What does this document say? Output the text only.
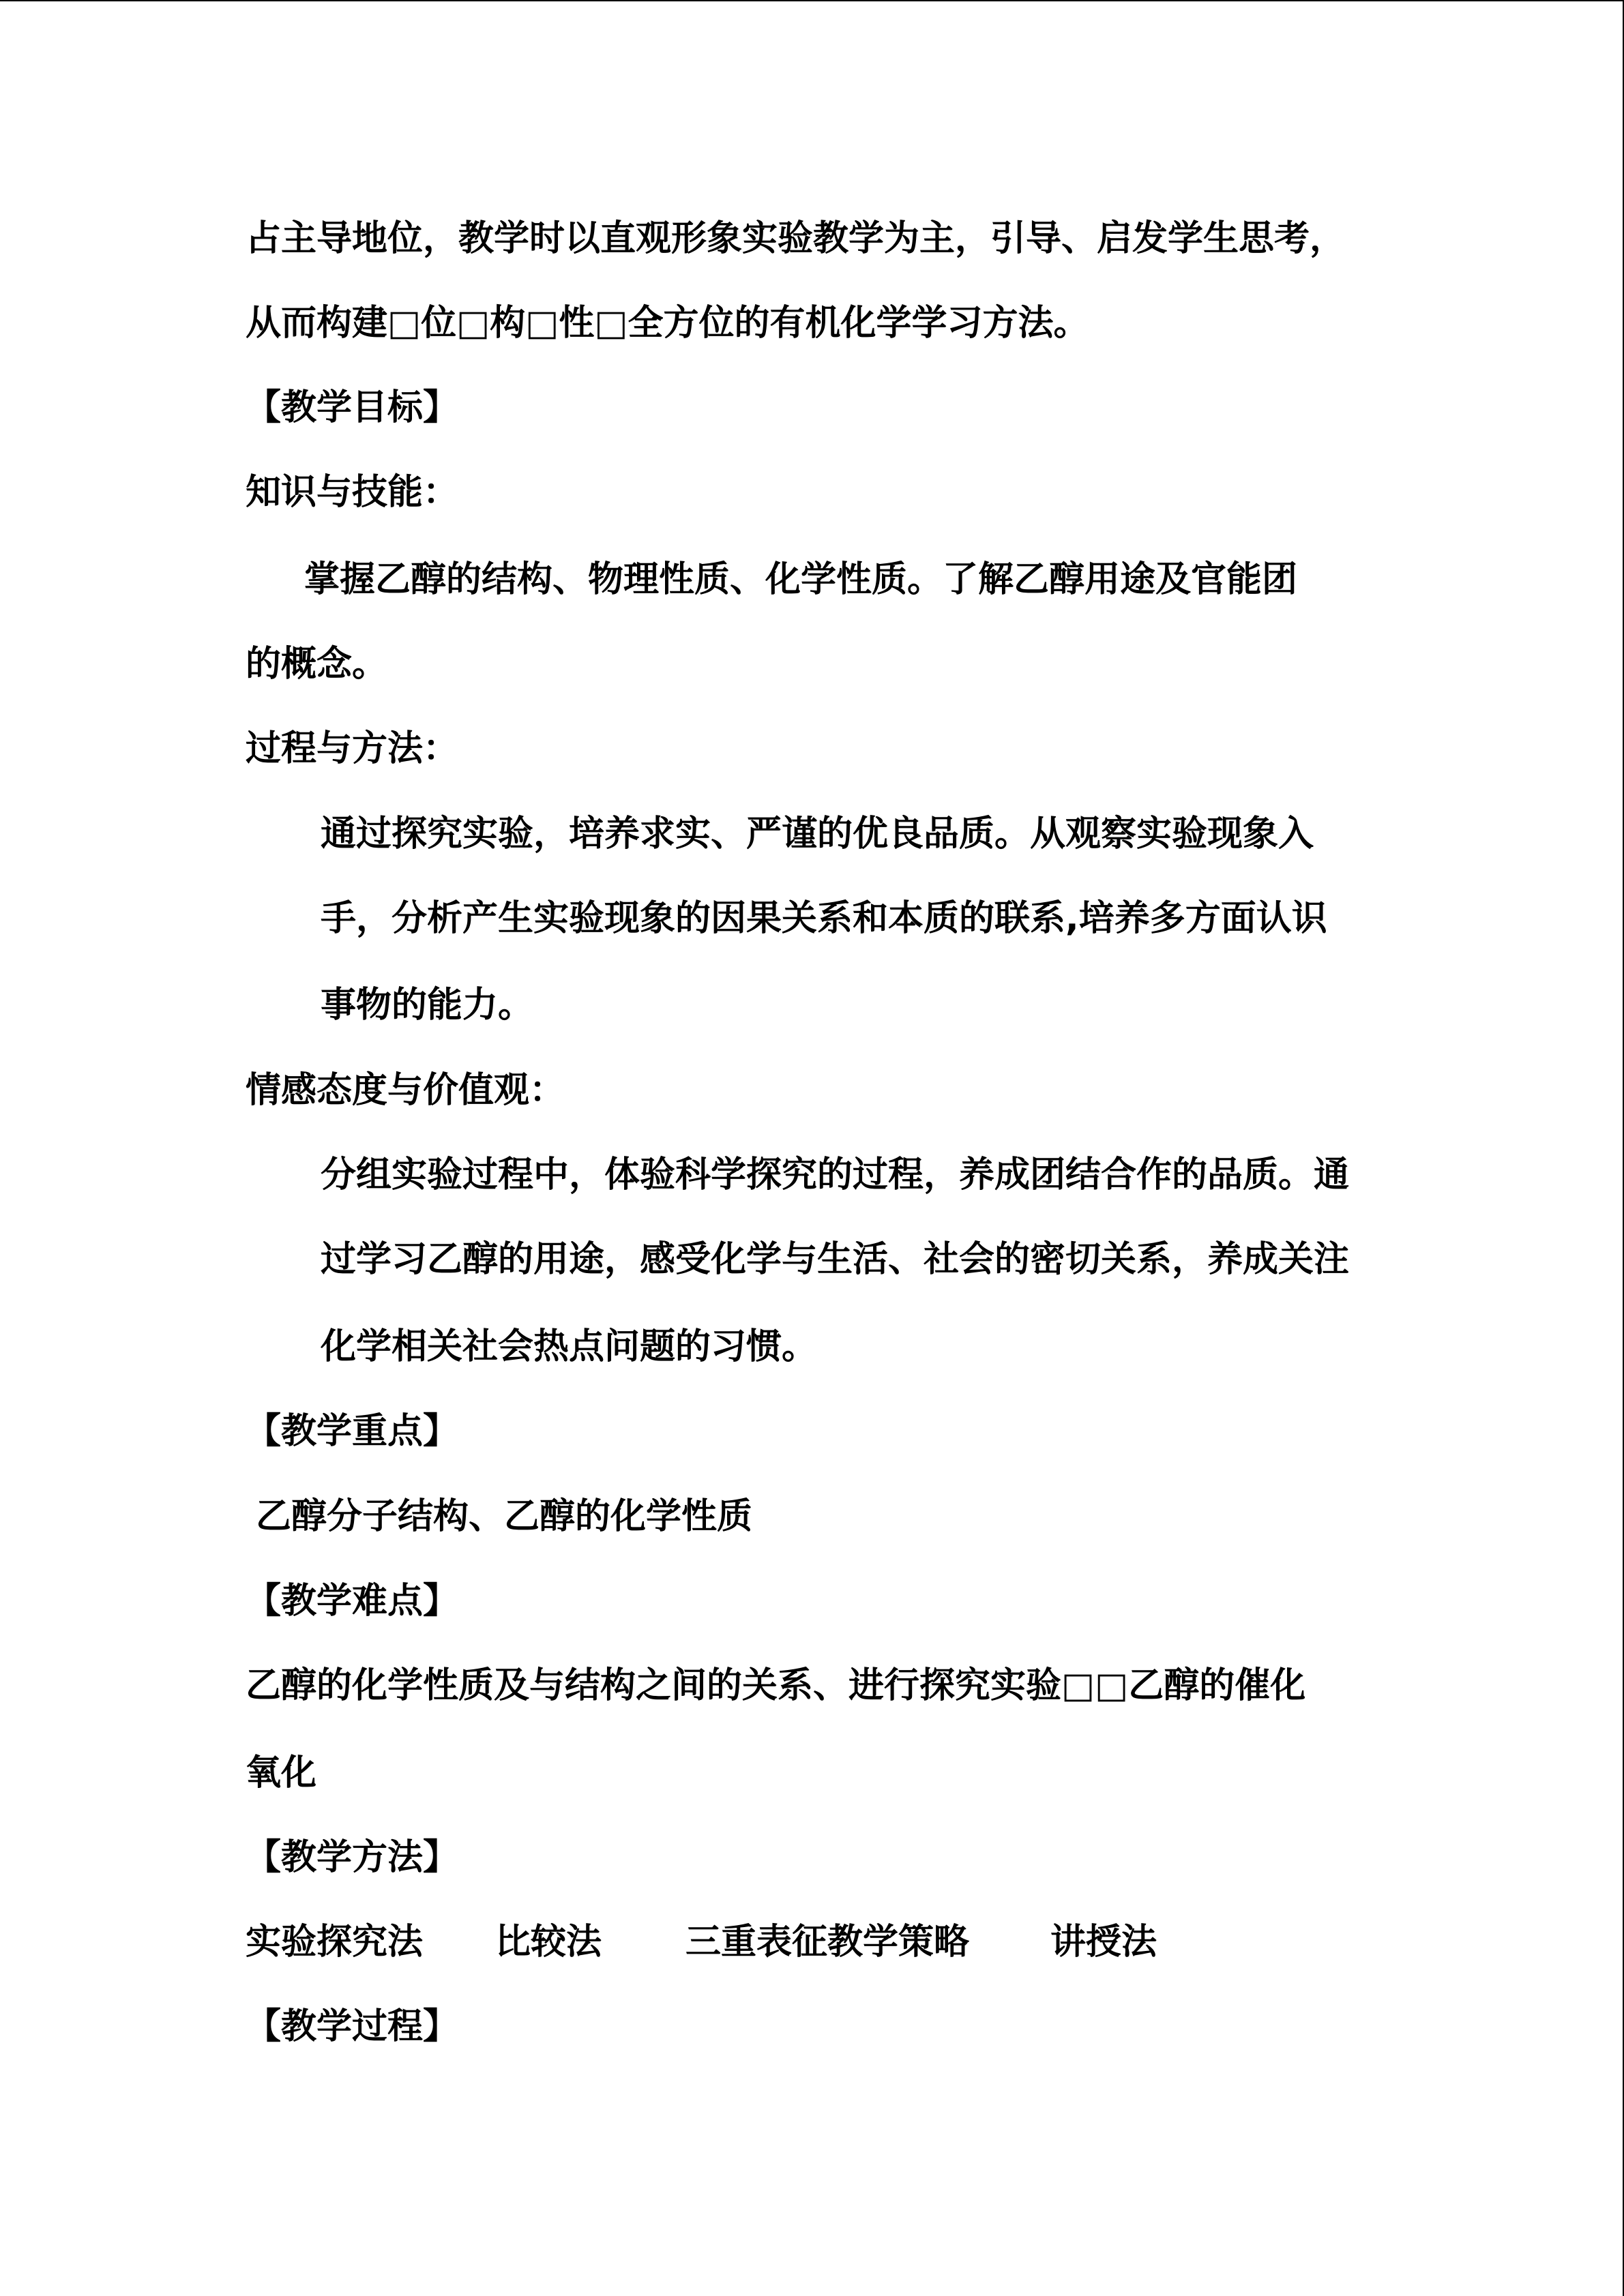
占主导地位，教学时以直观形象实验教学为主，引导、启发学生思考，
从而构建□位□构□性□全方位的有机化学学习方法。
【教学目标】
知识与技能：
掌握乙醇的结构、物理性质、化学性质。了解乙醇用途及官能团
的概念。
过程与方法：
通过探究实验，培养求实、严谨的优良品质。从观察实验现象入
手，分析产生实验现象的因果关系和本质的联系,培养多方面认识
事物的能力。
情感态度与价值观：
分组实验过程中，体验科学探究的过程，养成团结合作的品质。通
过学习乙醇的用途，感受化学与生活、社会的密切关系，养成关注
化学相关社会热点问题的习惯。
【教学重点】
乙醇分子结构、乙醇的化学性质
【教学难点】
乙醇的化学性质及与结构之间的关系、进行探究实验□□乙醇的催化
氧化
【教学方法】
实验探究法 比较法 三重表征教学策略 讲授法
【教学过程】
